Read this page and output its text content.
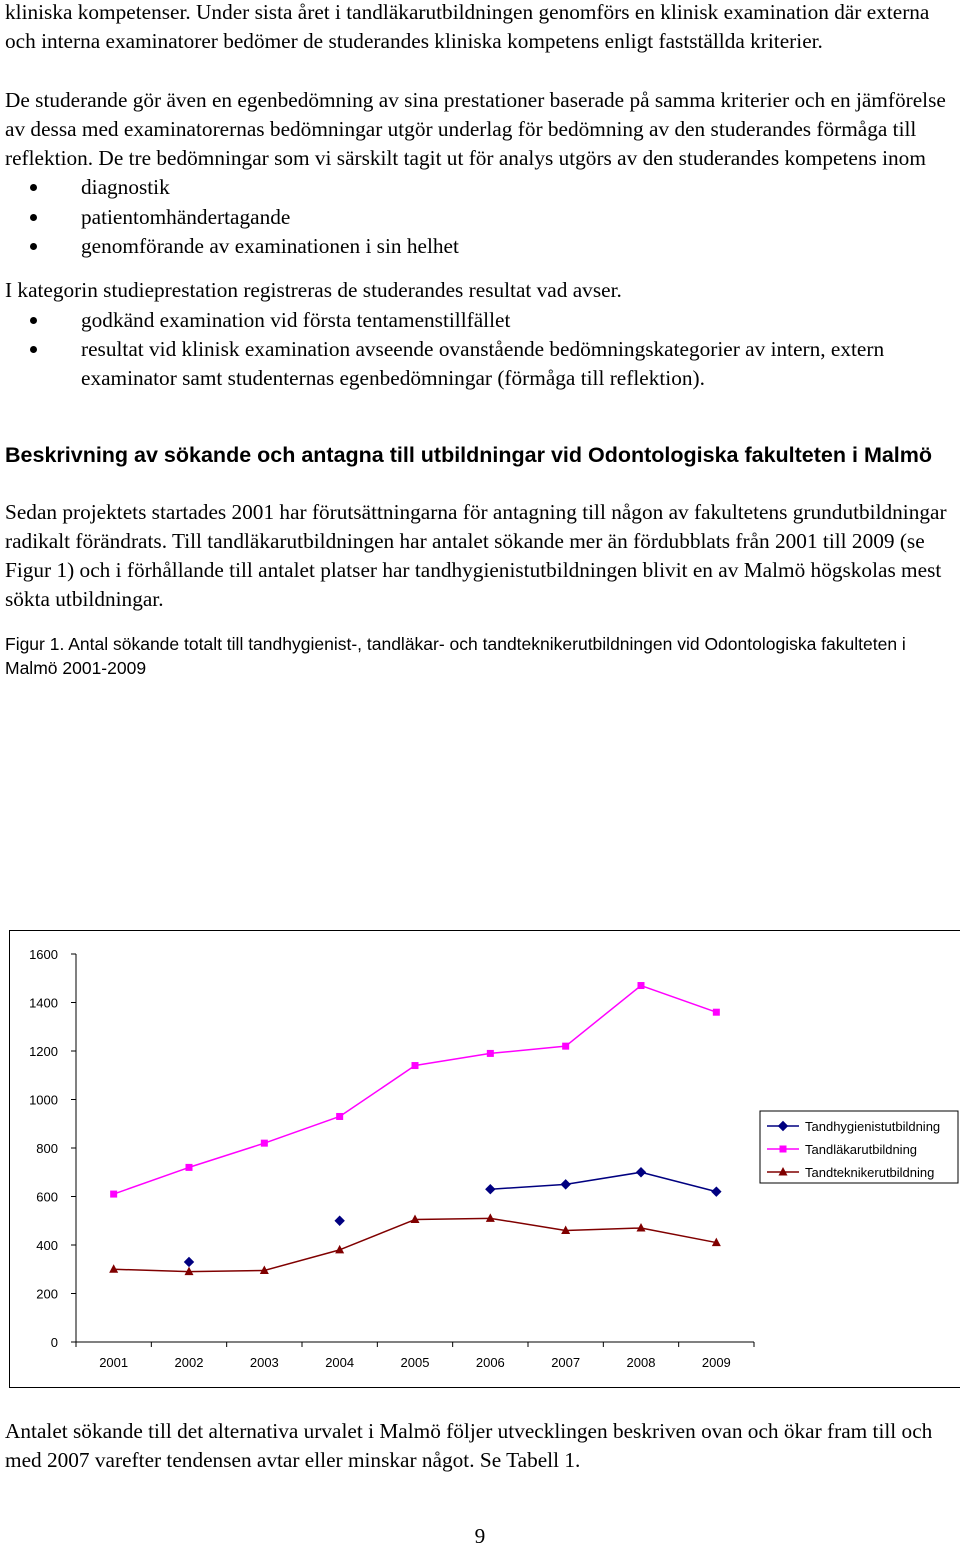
kliniska kompetenser. Under sista året i tandläkarutbildningen genomförs en klinisk examination där externa och interna examinatorer bedömer de studerandes kliniska kompetens enligt fastställda kriterier.

De studerande gör även en egenbedömning av sina prestationer baserade på samma kriterier och en jämförelse av dessa med examinatorernas bedömningar utgör underlag för bedömning av den studerandes förmåga till reflektion. De tre bedömningar som vi särskilt tagit ut för analys utgörs av den studerandes kompetens inom

diagnostik
patientomhändertagande
genomförande av examinationen i sin helhet

I kategorin studieprestation registreras de studerandes resultat vad avser.

godkänd examination vid första tentamenstillfället
resultat vid klinisk examination avseende ovanstående bedömningskategorier av intern, extern examinator samt studenternas egenbedömningar (förmåga till reflektion).
Beskrivning av sökande och antagna till utbildningar vid Odontologiska fakulteten i Malmö

Sedan projektets startades 2001 har förutsättningarna för antagning till någon av fakultetens grundutbildningar radikalt förändrats. Till tandläkarutbildningen har antalet sökande mer än fördubblats från 2001 till 2009 (se Figur 1) och i förhållande till antalet platser har tandhygienistutbildningen blivit en av Malmö högskolas mest sökta utbildningar.

Figur 1. Antal sökande totalt till tandhygienist-, tandläkar- och tandteknikerutbildningen vid Odontologiska fakulteten i Malmö 2001-2009

0
200
400
600
800
1000
1200
1400
1600
2001	2002	2003	2004	2005	2006	2007	2008	2009
Tandhygienistutbildning
Tandläkarutbildning
Tandteknikerutbildning

Antalet sökande till det alternativa urvalet i Malmö följer utvecklingen beskriven ovan och ökar fram till och med 2007 varefter tendensen avtar eller minskar något. Se Tabell 1.

9
